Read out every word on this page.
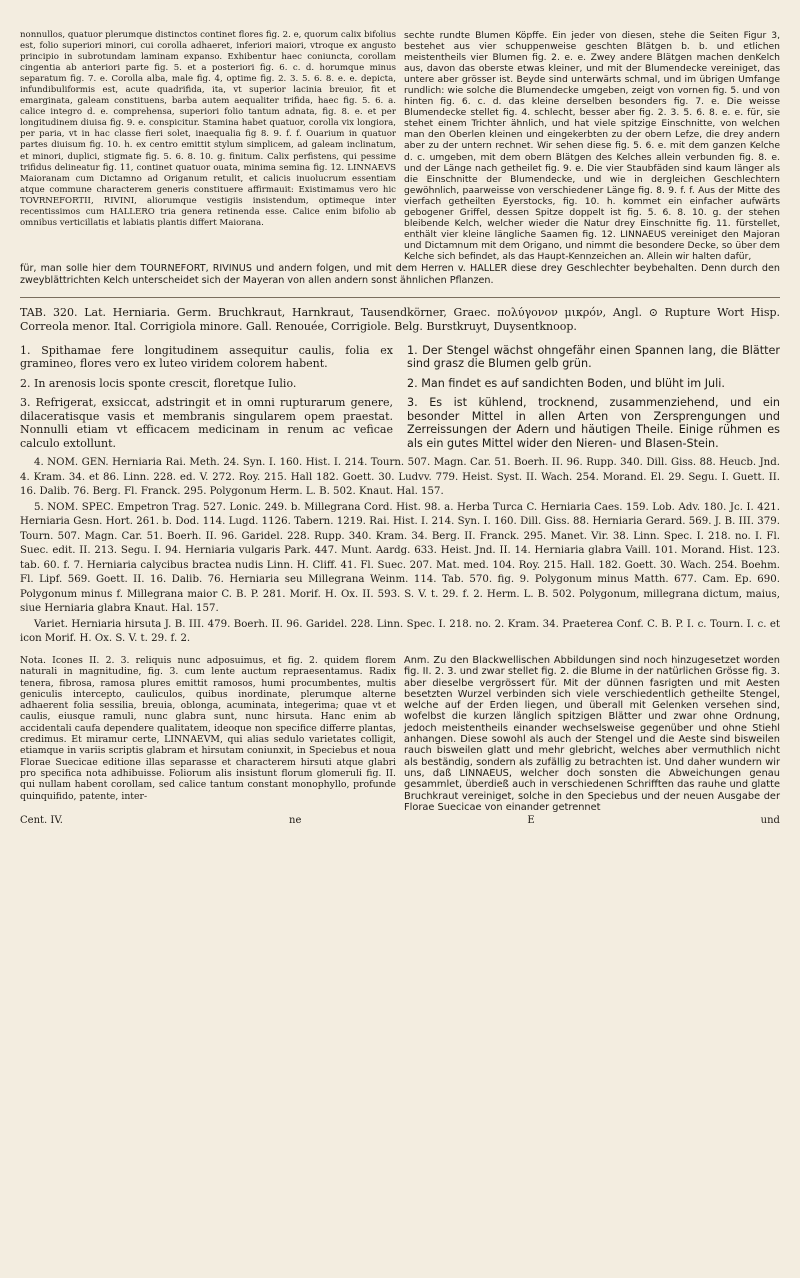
nonnullos, quatuor plerumque distinctos continet flores fig. 2. e, quorum calix bifolius est, folio superiori minori, cui corolla adhaeret, inferiori maiori, vtroque ex angusto principio in subrotundam laminam expanso. Exhibentur haec coniuncta, corollam cingentia ab anteriori parte fig. 5. et a posteriori fig. 6. c. d. horumque minus separatum fig. 7. e. Corolla alba, male fig. 4, optime fig. 2. 3. 5. 6. 8. e. e. depicta, infundibuliformis est, acute quadrifida, ita, vt superior lacinia breuior, fit et emarginata, galeam constituens, barba autem aequaliter trifida, haec fig. 5. 6. a. calice integro d. e. comprehensa, superiori folio tantum adnata, fig. 8. e. et per longitudinem diuisa fig. 9. e. conspicitur. Stamina habet quatuor, corolla vix longiora, per paria, vt in hac classe fieri solet, inaequalia fig 8. 9. f. f. Ouarium in quatuor partes diuisum fig. 10. h. ex centro emittit stylum simplicem, ad galeam inclinatum, et minori, duplici, stigmate fig. 5. 6. 8. 10. g. finitum. Calix perfistens, qui pessime trifidus delineatur fig. 11, continet quatuor ouata, minima semina fig. 12. LINNAEVS Maioranam cum Dictamno ad Origanum retulit, et calicis inuolucrum essentiam atque commune characterem generis constituere affirmauit: Existimamus vero hic TOVRNEFORTII, RIVINI, aliorumque vestigiis insistendum, optimeque inter recentissimos cum HALLERO tria genera retinenda esse. Calice enim bifolio ab omnibus verticillatis et labiatis plantis differt Maiorana.
sechte rundte Blumen Köpffe. Ein jeder von diesen, stehe die Seiten Figur 3, bestehet aus vier schuppenweise geschten Blätgen b. b. und etlichen meistentheils vier Blumen fig. 2. e. e. Zwey andere Blätgen machen denKelch aus, davon das oberste etwas kleiner, und mit der Blumendecke vereiniget, das untere aber grösser ist. Beyde sind unterwärts schmal, und im übrigen Umfange rundlich: wie solche die Blumendecke umgeben, zeigt von vornen fig. 5. und von hinten fig. 6. c. d. das kleine derselben besonders fig. 7. e. Die weisse Blumendecke stellet fig. 4. schlecht, besser aber fig. 2. 3. 5. 6. 8. e. e. für, sie stehet einem Trichter ähnlich, und hat viele spitzige Einschnitte, von welchen man den Oberlen kleinen und eingekerbten zu der obern Lefze, die drey andern aber zu der untern rechnet. Wir sehen diese fig. 5. 6. e. mit dem ganzen Kelche d. c. umgeben, mit dem obern Blätgen des Kelches allein verbunden fig. 8. e. und der Länge nach getheilet fig. 9. e. Die vier Staubfäden sind kaum länger als die Einschnitte der Blumendecke, und wie in dergleichen Geschlechtern gewöhnlich, paarweisse von verschiedener Länge fig. 8. 9. f. f. Aus der Mitte des vierfach getheilten Eyerstocks, fig. 10. h. kommet ein einfacher aufwärts gebogener Griffel, dessen Spitze doppelt ist fig. 5. 6. 8. 10. g. der stehen bleibende Kelch, welcher wieder die Natur drey Einschnitte fig. 11. fürstellet, enthält vier kleine längliche Saamen fig. 12. LINNAEUS vereiniget den Majoran und Dictamnum mit dem Origano, und nimmt die besondere Decke, so über dem Kelche sich befindet, als das Haupt-Kennzeichen an. Allein wir halten dafür,
für, man solle hier dem TOURNEFORT, RIVINUS und andern folgen, und mit dem Herren v. HALLER diese drey Geschlechter beybehalten. Denn durch den zweyblättrichten Kelch unterscheidet sich der Mayeran von allen andern sonst ähnlichen Pflanzen.
TAB. 320. Lat. Herniaria. Germ. Bruchkraut, Harnkraut, Tausendkörner, Graec. πολύγονον μικρόν, Angl. ⊙ Rupture Wort Hisp. Correola menor. Ital. Corrigiola minore. Gall. Renouée, Corrigiole. Belg. Burstkruyt, Duysentknoop.
1. Spithamae fere longitudinem assequitur caulis, folia ex gramineo, flores vero ex luteo viridem colorem habent.
1. Der Stengel wächst ohngefähr einen Spannen lang, die Blätter sind grasz die Blumen gelb grün.
2. In arenosis locis sponte crescit, floretque Iulio.	2. Man findet es auf sandichten Boden, und blüht im Juli.
3. Refrigerat, exsiccat, adstringit et in omni rupturarum genere, dilaceratisque vasis et membranis singularem opem praestat. Nonnulli etiam vt efficacem medicinam in renum ac veficae calculo extollunt.
3. Es ist kühlend, trocknend, zusammenziehend, und ein besonder Mittel in allen Arten von Zersprengungen und Zerreissungen der Adern und häutigen Theile. Einige rühmen es als ein gutes Mittel wider den Nieren- und Blasen-Stein.

4. NOM. GEN. Herniaria Rai. Meth. 24. Syn. I. 160. Hist. I. 214. Tourn. 507. Magn. Car. 51. Boerh. II. 96. Rupp. 340. Dill. Giss. 88. Heucb. Jnd. 4. Kram. 34. et 86. Linn. 228. ed. V. 272. Roy. 215. Hall 182. Goett. 30. Ludvv. 779. Heist. Syst. II. Wach. 254. Morand. El. 29. Segu. I. Guett. II. 16. Dalib. 76. Berg. Fl. Franck. 295. Polygonum Herm. L. B. 502. Knaut. Hal. 157.

5. NOM. SPEC. Empetron Trag. 527. Lonic. 249. b. Millegrana Cord. Hist. 98. a. Herba Turca C. Herniaria Caes. 159. Lob. Adv. 180. Jc. I. 421. Herniaria Gesn. Hort. 261. b. Dod. 114. Lugd. 1126. Tabern. 1219. Rai. Hist. I. 214. Syn. I. 160. Dill. Giss. 88. Herniaria Gerard. 569. J. B. III. 379. Tourn. 507. Magn. Car. 51. Boerh. II. 96. Garidel. 228. Rupp. 340. Kram. 34. Berg. II. Franck. 295. Manet. Vir. 38. Linn. Spec. I. 218. no. I. Fl. Suec. edit. II. 213. Segu. I. 94. Herniaria vulgaris Park. 447. Munt. Aardg. 633. Heist. Jnd. II. 14. Herniaria glabra Vaill. 101. Morand. Hist. 123. tab. 60. f. 7. Herniaria calycibus bractea nudis Linn. H. Cliff. 41. Fl. Suec. 207. Mat. med. 104. Roy. 215. Hall. 182. Goett. 30. Wach. 254. Boehm. Fl. Lipf. 569. Goett. II. 16. Dalib. 76. Herniaria seu Millegrana Weinm. 114. Tab. 570. fig. 9. Polygonum minus Matth. 677. Cam. Ep. 690. Polygonum minus f. Millegrana maior C. B. P. 281. Morif. H. Ox. II. 593. S. V. t. 29. f. 2. Herm. L. B. 502. Polygonum, millegrana dictum, maius, siue Herniaria glabra Knaut. Hal. 157.

Variet. Herniaria hirsuta J. B. III. 479. Boerh. II. 96. Garidel. 228. Linn. Spec. I. 218. no. 2. Kram. 34. Praeterea Conf. C. B. P. I. c. Tourn. I. c. et icon Morif. H. Ox. S. V. t. 29. f. 2.

Nota. Icones II. 2. 3. reliquis nunc adposuimus, et fig. 2. quidem florem naturali in magnitudine, fig. 3. cum lente auctum repraesentamus. Radix tenera, fibrosa, ramosa plures emittit ramosos, humi procumbentes, multis geniculis intercepto, cauliculos, quibus inordinate, plerumque alterne adhaerent folia sessilia, breuia, oblonga, acuminata, integerima; quae vt et caulis, eiusque ramuli, nunc glabra sunt, nunc hirsuta. Hanc enim ab accidentali caufa dependere qualitatem, ideoque non specifice differre plantas, credimus. Et miramur certe, LINNAEVM, qui alias sedulo varietates colligit, etiamque in variis scriptis glabram et hirsutam coniunxit, in Speciebus et noua Florae Suecicae editione illas separasse et characterem hirsuti atque glabri pro specifica nota adhibuisse. Foliorum alis insistunt florum glomeruli fig. II. qui nullam habent corollam, sed calice tantum constant monophyllo, profunde quinquifido, patente, inter-
Anm. Zu den Blackwellischen Abbildungen sind noch hinzugesetzet worden fig. II. 2. 3. und zwar stellet fig. 2. die Blume in der natürlichen Grösse fig. 3. aber dieselbe vergrössert für. Mit der dünnen fasrigten und mit Aesten besetzten Wurzel verbinden sich viele verschiedentlich getheilte Stengel, welche auf der Erden liegen, und überall mit Gelenken versehen sind, wofelbst die kurzen länglich spitzigen Blätter und zwar ohne Ordnung, jedoch meistentheils einander wechselsweise gegenüber und ohne Stiehl anhangen. Diese sowohl als auch der Stengel und die Aeste sind bisweilen rauch bisweilen glatt und mehr glebricht, welches aber vermuthlich nicht als beständig, sondern als zufällig zu betrachten ist. Und daher wundern wir uns, daß LINNAEUS, welcher doch sonsten die Abweichungen genau gesammlet, überdieß auch in verschiedenen Schrifften das rauhe und glatte Bruchkraut vereiniget, solche in den Speciebus und der neuen Ausgabe der Florae Suecicae von einander getrennet
Cent. IV.	ne	E	und
